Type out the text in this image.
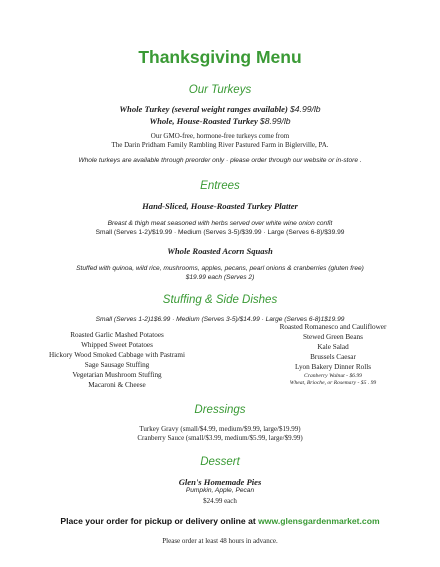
Thanksgiving Menu
Our Turkeys
Whole Turkey (several weight ranges available) $4.99/lb
Whole, House-Roasted Turkey $8.99/lb
Our GMO-free, hormone-free turkeys come from
The Darin Pridham Family Rambling River Pastured Farm in Biglerville, PA.
Whole turkeys are available through preorder only · please order through our website or in-store .
Entrees
Hand-Sliced, House-Roasted Turkey Platter
Breast & thigh meat seasoned with herbs served over white wine onion confit
Small (Serves 1-2)/$19.99 · Medium (Serves 3-5)/$39.99 · Large (Serves 6-8)/$39.99
Whole Roasted Acorn Squash
Stuffed with quinoa, wild rice, mushrooms, apples, pecans, pearl onions & cranberries (gluten free)
$19.99 each (Serves 2)
Stuffing & Side Dishes
Small (Serves 1-2)1$6.99 · Medium (Serves 3-5)/$14.99 · Large (Serves 6-8)1$19.99
Roasted Garlic Mashed Potatoes
Whipped Sweet Potatoes
Hickory Wood Smoked Cabbage with Pastrami
Sage Sausage Stuffing
Vegetarian Mushroom Stuffing
Macaroni & Cheese
Roasted Romanesco and Cauliflower
Stewed Green Beans
Kale Salad
Brussels Caesar
Lyon Bakery Dinner Rolls
Cranberry Walnut - $6.99
Wheat, Brioche, or Rosemary - $5 . 99
Dressings
Turkey Gravy (small/$4.99, medium/$9.99, large/$19.99)
Cranberry Sauce (small/$3.99, medium/$5.99, large/$9.99)
Dessert
Glen's Homemade Pies
Pumpkin, Apple, Pecan
$24.99 each
Place your order for pickup or delivery online at www.glensgardenmarket.com
Please order at least 48 hours in advance.
